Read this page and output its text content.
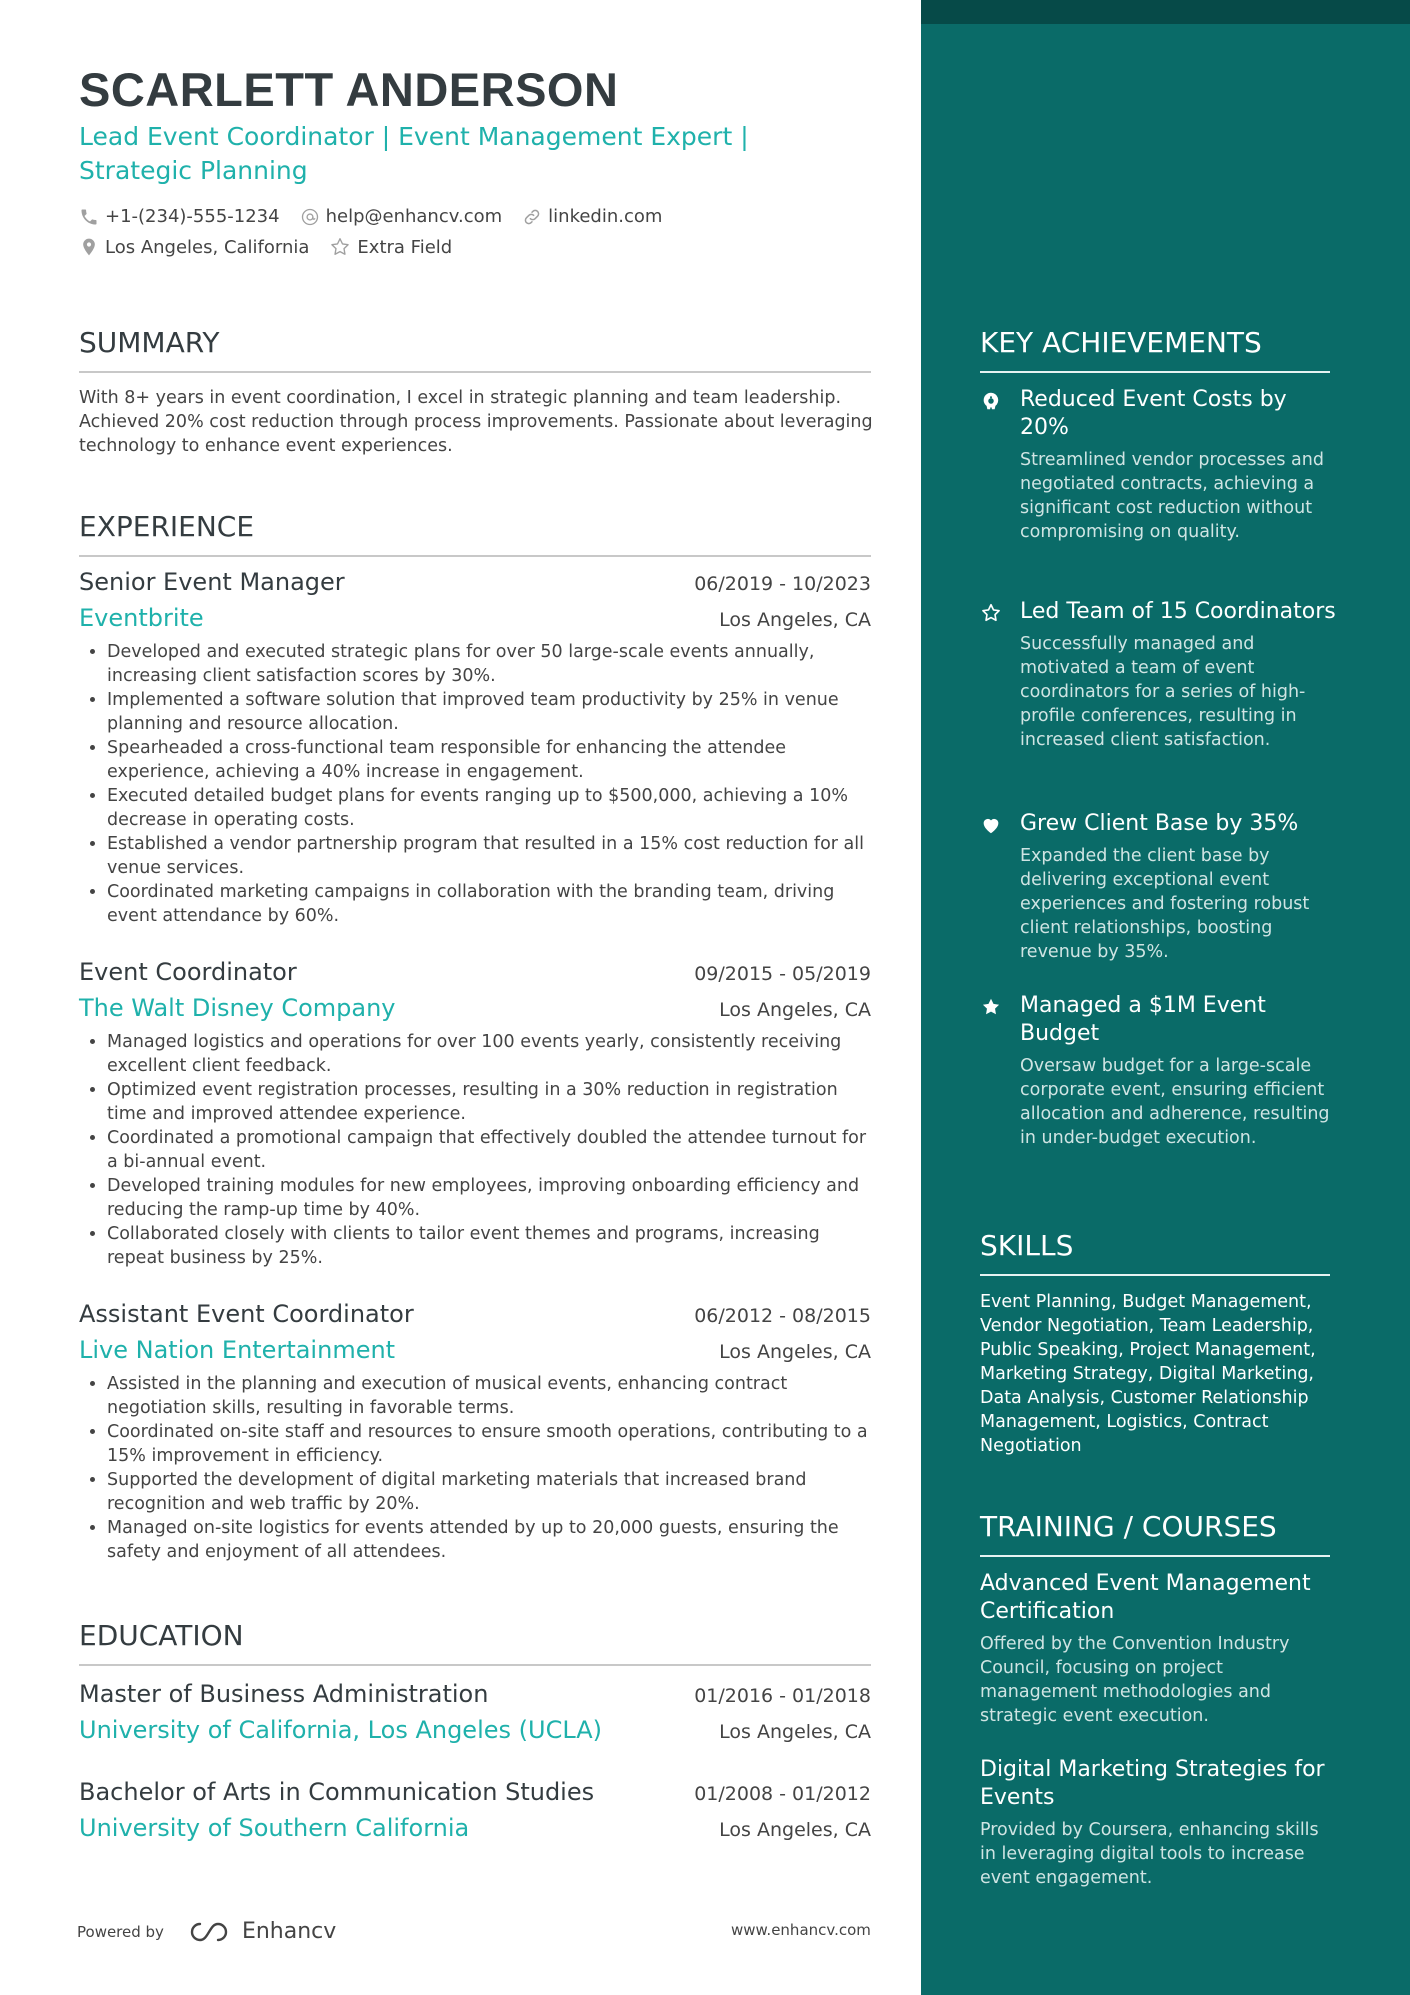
SCARLETT ANDERSON
Lead Event Coordinator | Event Management Expert | Strategic Planning
+1-(234)-555-1234	help@enhancv.com	linkedin.com
Los Angeles, California	Extra Field
SUMMARY
With 8+ years in event coordination, I excel in strategic planning and team leadership. Achieved 20% cost reduction through process improvements. Passionate about leveraging technology to enhance event experiences.
EXPERIENCE
Senior Event Manager	06/2019 - 10/2023
Eventbrite	Los Angeles, CA
• Developed and executed strategic plans for over 50 large-scale events annually, increasing client satisfaction scores by 30%.
• Implemented a software solution that improved team productivity by 25% in venue planning and resource allocation.
• Spearheaded a cross-functional team responsible for enhancing the attendee experience, achieving a 40% increase in engagement.
• Executed detailed budget plans for events ranging up to $500,000, achieving a 10% decrease in operating costs.
• Established a vendor partnership program that resulted in a 15% cost reduction for all venue services.
• Coordinated marketing campaigns in collaboration with the branding team, driving event attendance by 60%.
Event Coordinator	09/2015 - 05/2019
The Walt Disney Company	Los Angeles, CA
• Managed logistics and operations for over 100 events yearly, consistently receiving excellent client feedback.
• Optimized event registration processes, resulting in a 30% reduction in registration time and improved attendee experience.
• Coordinated a promotional campaign that effectively doubled the attendee turnout for a bi-annual event.
• Developed training modules for new employees, improving onboarding efficiency and reducing the ramp-up time by 40%.
• Collaborated closely with clients to tailor event themes and programs, increasing repeat business by 25%.
Assistant Event Coordinator	06/2012 - 08/2015
Live Nation Entertainment	Los Angeles, CA
• Assisted in the planning and execution of musical events, enhancing contract negotiation skills, resulting in favorable terms.
• Coordinated on-site staff and resources to ensure smooth operations, contributing to a 15% improvement in efficiency.
• Supported the development of digital marketing materials that increased brand recognition and web traffic by 20%.
• Managed on-site logistics for events attended by up to 20,000 guests, ensuring the safety and enjoyment of all attendees.
EDUCATION
Master of Business Administration	01/2016 - 01/2018
University of California, Los Angeles (UCLA)	Los Angeles, CA
Bachelor of Arts in Communication Studies	01/2008 - 01/2012
University of Southern California	Los Angeles, CA
KEY ACHIEVEMENTS
Reduced Event Costs by 20%
Streamlined vendor processes and negotiated contracts, achieving a significant cost reduction without compromising on quality.
Led Team of 15 Coordinators
Successfully managed and motivated a team of event coordinators for a series of high-profile conferences, resulting in increased client satisfaction.
Grew Client Base by 35%
Expanded the client base by delivering exceptional event experiences and fostering robust client relationships, boosting revenue by 35%.
Managed a $1M Event Budget
Oversaw budget for a large-scale corporate event, ensuring efficient allocation and adherence, resulting in under-budget execution.
SKILLS
Event Planning, Budget Management, Vendor Negotiation, Team Leadership, Public Speaking, Project Management, Marketing Strategy, Digital Marketing, Data Analysis, Customer Relationship Management, Logistics, Contract Negotiation
TRAINING / COURSES
Advanced Event Management Certification
Offered by the Convention Industry Council, focusing on project management methodologies and strategic event execution.
Digital Marketing Strategies for Events
Provided by Coursera, enhancing skills in leveraging digital tools to increase event engagement.
Powered by	Enhancv	www.enhancv.com
